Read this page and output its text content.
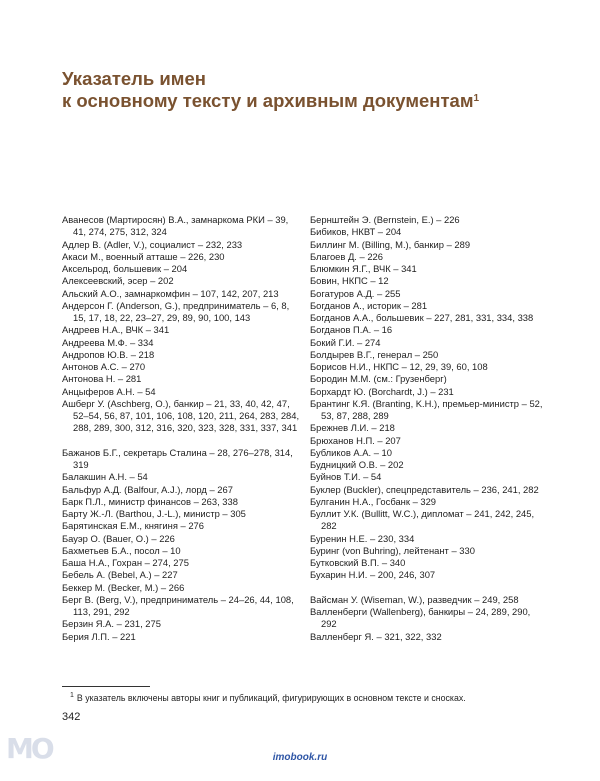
Указатель имен
к основному тексту и архивным документам$^1$
Аванесов (Мартиросян) В.А., замнаркома РКИ – 39, 41, 274, 275, 312, 324
Адлер В. (Adler, V.), социалист – 232, 233
Акаси М., военный атташе – 226, 230
Аксельрод, большевик – 204
Алексеевский, эсер – 202
Альский А.О., замнаркомфин – 107, 142, 207, 213
Андерсон Г. (Anderson, G.), предприниматель – 6, 8, 15, 17, 18, 22, 23–27, 29, 89, 90, 100, 143
Андреев Н.А., ВЧК – 341
Андреева М.Ф. – 334
Андропов Ю.В. – 218
Антонов А.С. – 270
Антонова Н. – 281
Анцыферов А.Н. – 54
Ашберг У. (Aschberg, O.), банкир – 21, 33, 40, 42, 47, 52–54, 56, 87, 101, 106, 108, 120, 211, 264, 283, 284, 288, 289, 300, 312, 316, 320, 323, 328, 331, 337, 341
Бажанов Б.Г., секретарь Сталина – 28, 276–278, 314, 319
Балакшин А.Н. – 54
Бальфур А.Д. (Balfour, A.J.), лорд – 267
Барк П.Л., министр финансов – 263, 338
Барту Ж.-Л. (Barthou, J.-L.), министр – 305
Барятинская Е.М., княгиня – 276
Бауэр О. (Bauer, O.) – 226
Бахметьев Б.А., посол – 10
Баша Н.А., Гохран – 274, 275
Бебель А. (Bebel, A.) – 227
Беккер М. (Becker, M.) – 266
Берг В. (Berg, V.), предприниматель – 24–26, 44, 108, 113, 291, 292
Берзин Я.А. – 231, 275
Берия Л.П. – 221
Бернштейн Э. (Bernstein, E.) – 226
Бибиков, НКВТ – 204
Биллинг М. (Billing, M.), банкир – 289
Благоев Д. – 226
Блюмкин Я.Г., ВЧК – 341
Бовин, НКПС – 12
Богатуров А.Д. – 255
Богданов А., историк – 281
Богданов А.А., большевик – 227, 281, 331, 334, 338
Богданов П.А. – 16
Бокий Г.И. – 274
Болдырев В.Г., генерал – 250
Борисов Н.И., НКПС – 12, 29, 39, 60, 108
Бородин М.М. (см.: Грузенберг)
Борхардт Ю. (Borchardt, J.) – 231
Брантинг К.Я. (Branting, K.H.), премьер-министр – 52, 53, 87, 288, 289
Брежнев Л.И. – 218
Брюханов Н.П. – 207
Бубликов А.А. – 10
Будницкий О.В. – 202
Буйнов Т.И. – 54
Буклер (Buckler), спецпредставитель – 236, 241, 282
Булганин Н.А., Госбанк – 329
Буллит У.К. (Bullitt, W.C.), дипломат – 241, 242, 245, 282
Буренин Н.Е. – 230, 334
Буринг (von Buhring), лейтенант – 330
Бутковский В.П. – 340
Бухарин Н.И. – 200, 246, 307
Вайсман У. (Wiseman, W.), разведчик – 249, 258
Валленберги (Wallenberg), банкиры – 24, 289, 290, 292
Валленберг Я. – 321, 322, 332
$^1$ В указатель включены авторы книг и публикаций, фигурирующих в основном тексте и сносках.
342
MO	imobook.ru
